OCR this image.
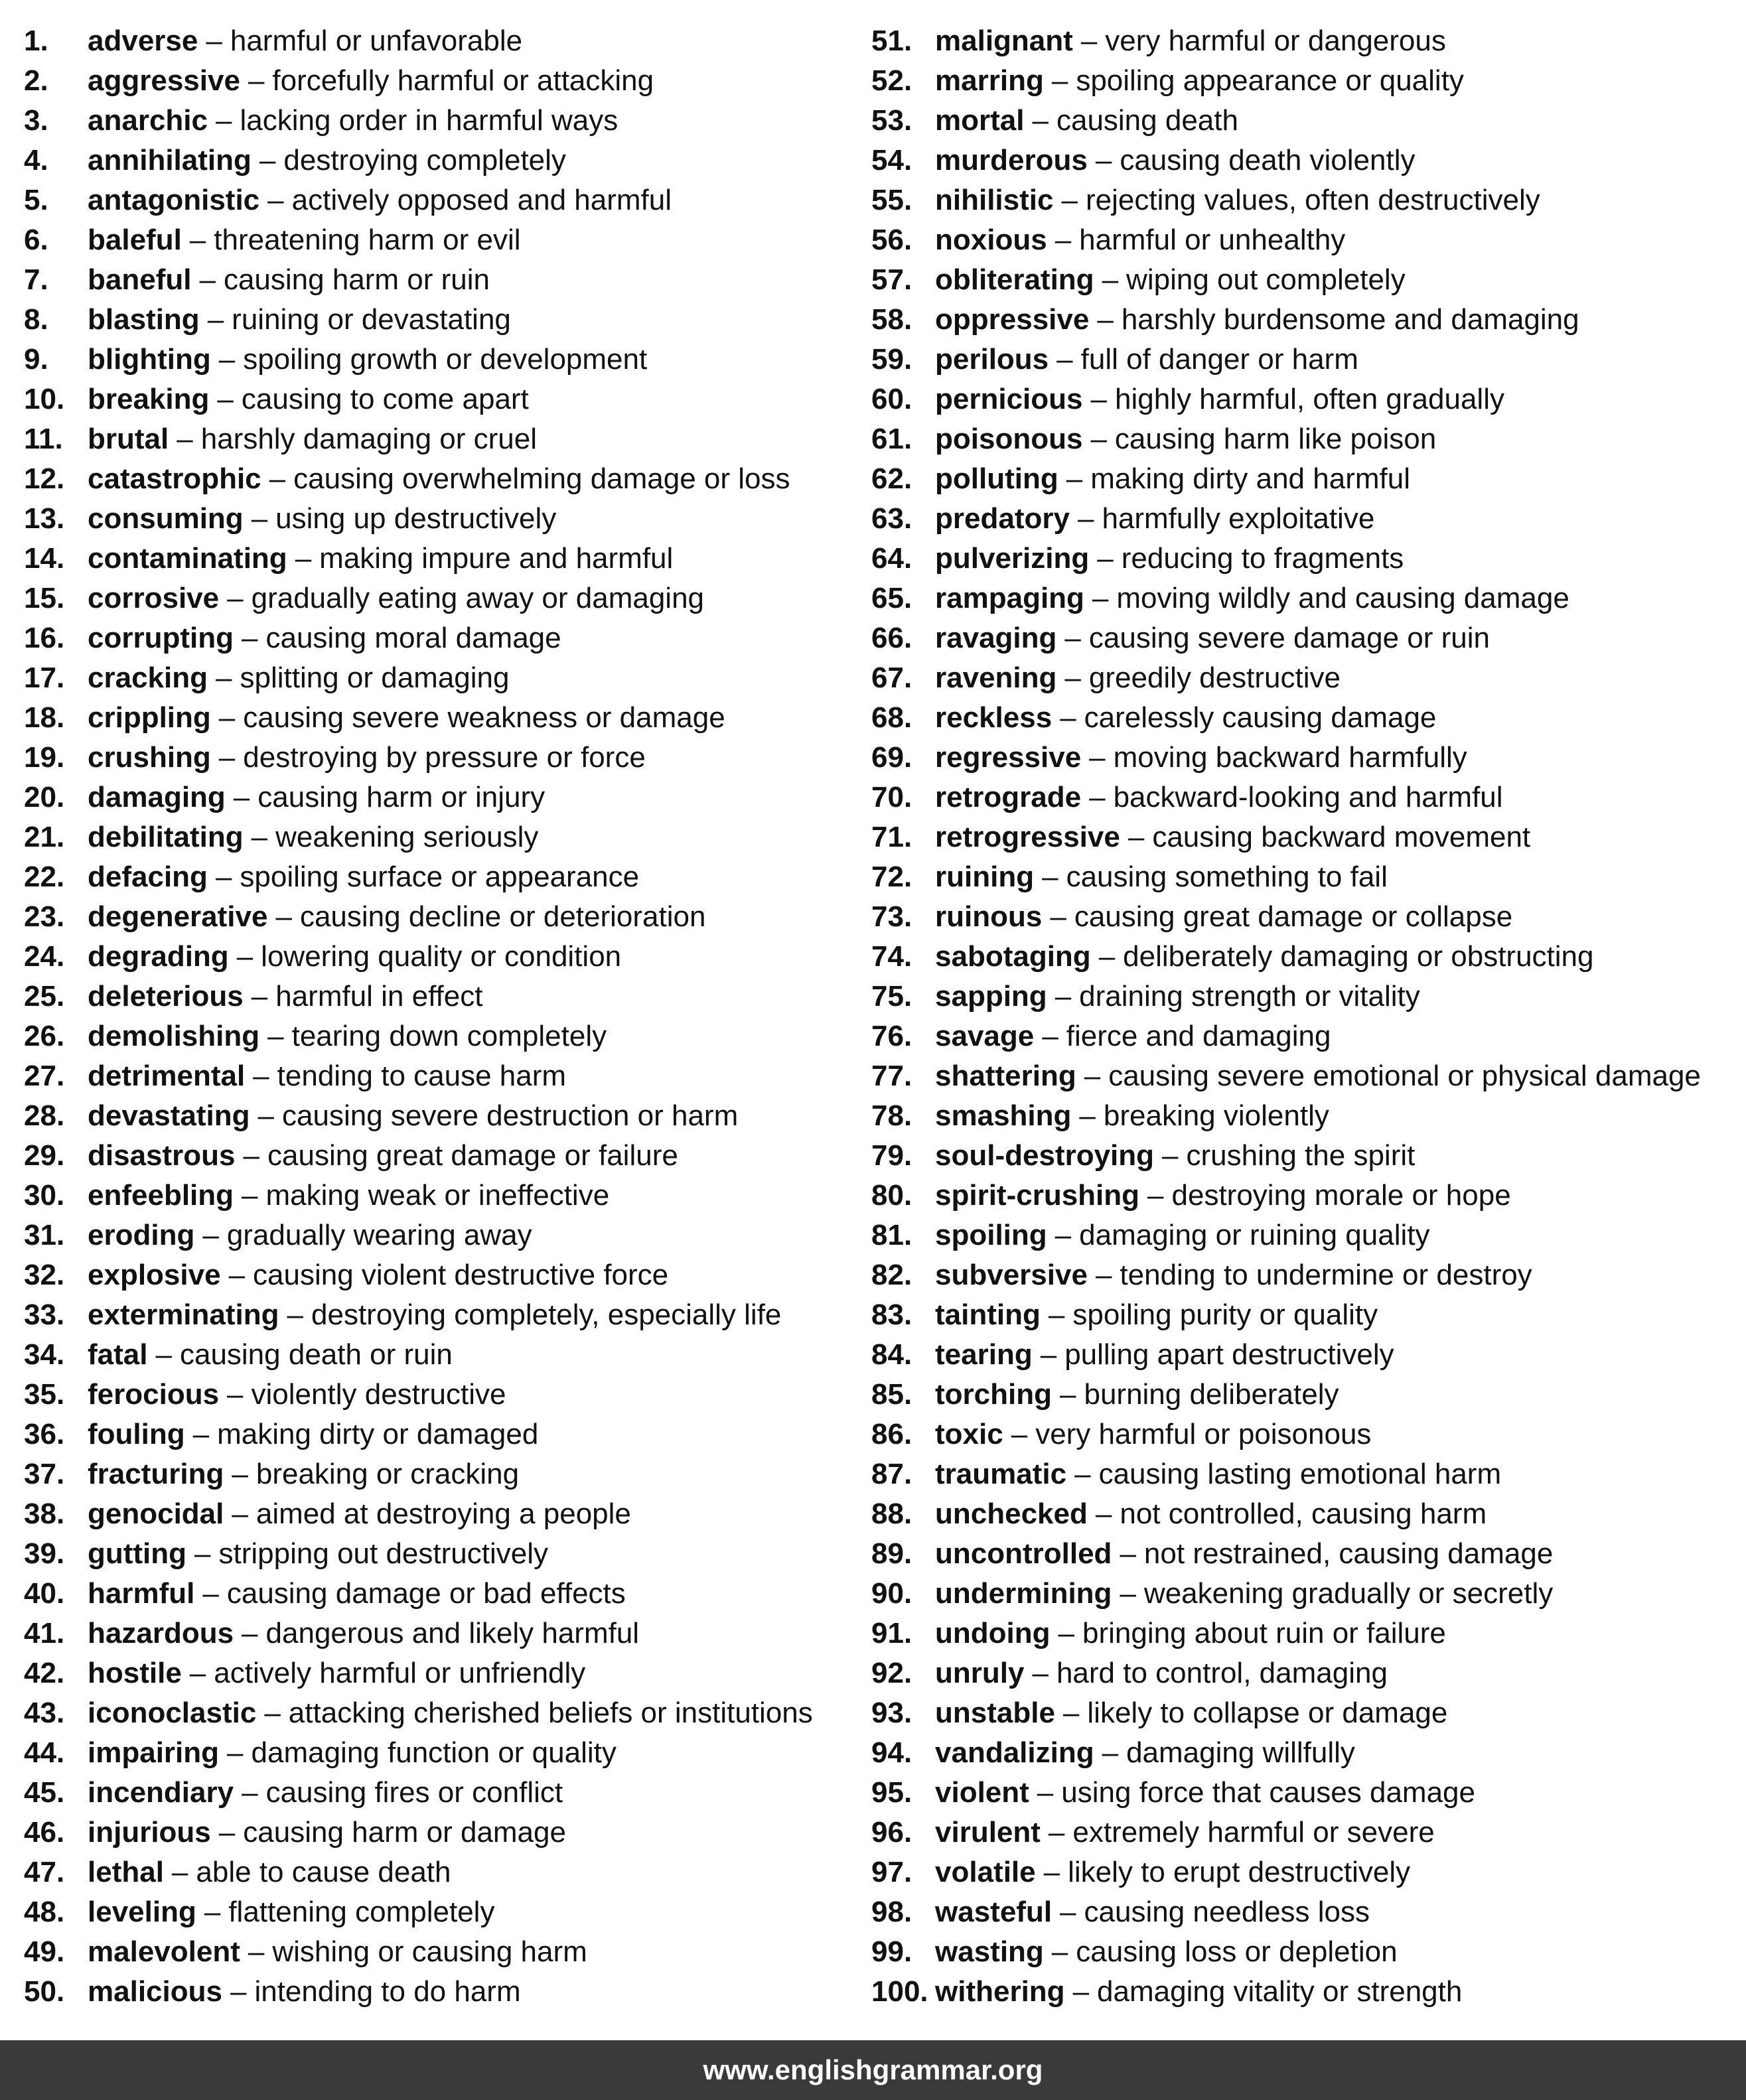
1.	adverse – harmful or unfavorable
2.	aggressive – forcefully harmful or attacking
3.	anarchic – lacking order in harmful ways
4.	annihilating – destroying completely
5.	antagonistic – actively opposed and harmful
6.	baleful – threatening harm or evil
7.	baneful – causing harm or ruin
8.	blasting – ruining or devastating
9.	blighting – spoiling growth or development
10. breaking – causing to come apart
11. brutal – harshly damaging or cruel
12. catastrophic – causing overwhelming damage or loss
13. consuming – using up destructively
14. contaminating – making impure and harmful
15. corrosive – gradually eating away or damaging
16. corrupting – causing moral damage
17. cracking – splitting or damaging
18. crippling – causing severe weakness or damage
19. crushing – destroying by pressure or force
20. damaging – causing harm or injury
21. debilitating – weakening seriously
22. defacing – spoiling surface or appearance
23. degenerative – causing decline or deterioration
24. degrading – lowering quality or condition
25. deleterious – harmful in effect
26. demolishing – tearing down completely
27. detrimental – tending to cause harm
28. devastating – causing severe destruction or harm
29. disastrous – causing great damage or failure
30. enfeebling – making weak or ineffective
31. eroding – gradually wearing away
32. explosive – causing violent destructive force
33. exterminating – destroying completely, especially life
34. fatal – causing death or ruin
35. ferocious – violently destructive
36. fouling – making dirty or damaged
37. fracturing – breaking or cracking
38. genocidal – aimed at destroying a people
39. gutting – stripping out destructively
40. harmful – causing damage or bad effects
41. hazardous – dangerous and likely harmful
42. hostile – actively harmful or unfriendly
43. iconoclastic – attacking cherished beliefs or institutions
44. impairing – damaging function or quality
45. incendiary – causing fires or conflict
46. injurious – causing harm or damage
47. lethal – able to cause death
48. leveling – flattening completely
49. malevolent – wishing or causing harm
50. malicious – intending to do harm
51. malignant – very harmful or dangerous
52. marring – spoiling appearance or quality
53. mortal – causing death
54. murderous – causing death violently
55. nihilistic – rejecting values, often destructively
56. noxious – harmful or unhealthy
57. obliterating – wiping out completely
58. oppressive – harshly burdensome and damaging
59. perilous – full of danger or harm
60. pernicious – highly harmful, often gradually
61. poisonous – causing harm like poison
62. polluting – making dirty and harmful
63. predatory – harmfully exploitative
64. pulverizing – reducing to fragments
65. rampaging – moving wildly and causing damage
66. ravaging – causing severe damage or ruin
67. ravening – greedily destructive
68. reckless – carelessly causing damage
69. regressive – moving backward harmfully
70. retrograde – backward-looking and harmful
71. retrogressive – causing backward movement
72. ruining – causing something to fail
73. ruinous – causing great damage or collapse
74. sabotaging – deliberately damaging or obstructing
75. sapping – draining strength or vitality
76. savage – fierce and damaging
77. shattering – causing severe emotional or physical damage
78. smashing – breaking violently
79. soul-destroying – crushing the spirit
80. spirit-crushing – destroying morale or hope
81. spoiling – damaging or ruining quality
82. subversive – tending to undermine or destroy
83. tainting – spoiling purity or quality
84. tearing – pulling apart destructively
85. torching – burning deliberately
86. toxic – very harmful or poisonous
87. traumatic – causing lasting emotional harm
88. unchecked – not controlled, causing harm
89. uncontrolled – not restrained, causing damage
90. undermining – weakening gradually or secretly
91. undoing – bringing about ruin or failure
92. unruly – hard to control, damaging
93. unstable – likely to collapse or damage
94. vandalizing – damaging willfully
95. violent – using force that causes damage
96. virulent – extremely harmful or severe
97. volatile – likely to erupt destructively
98. wasteful – causing needless loss
99. wasting – causing loss or depletion
100. withering – damaging vitality or strength
www.englishgrammar.org
